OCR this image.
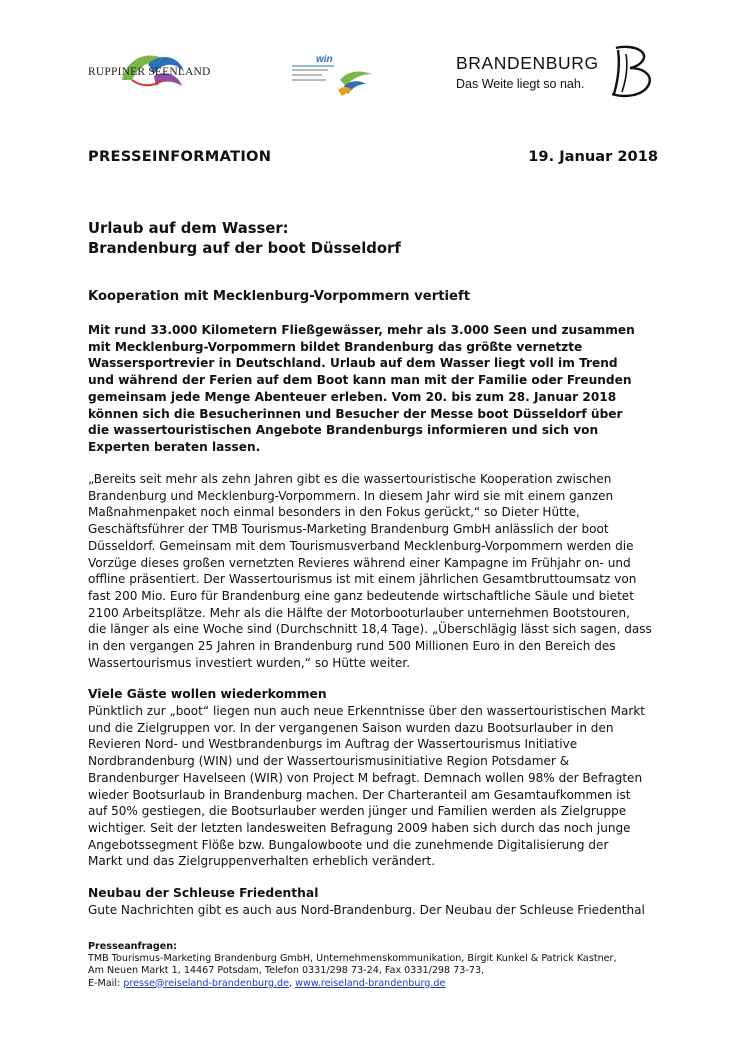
RUPPINER SEENLAND
win	BRANDENBURG
Das Weite liegt so nah.
PRESSEINFORMATION	19. Januar 2018
Urlaub auf dem Wasser:
Brandenburg auf der boot Düsseldorf
Kooperation mit Mecklenburg-Vorpommern vertieft
Mit rund 33.000 Kilometern Fließgewässer, mehr als 3.000 Seen und zusammen
mit Mecklenburg-Vorpommern bildet Brandenburg das größte vernetzte
Wassersportrevier in Deutschland. Urlaub auf dem Wasser liegt voll im Trend
und während der Ferien auf dem Boot kann man mit der Familie oder Freunden
gemeinsam jede Menge Abenteuer erleben. Vom 20. bis zum 28. Januar 2018
können sich die Besucherinnen und Besucher der Messe boot Düsseldorf über
die wassertouristischen Angebote Brandenburgs informieren und sich von
Experten beraten lassen.
„Bereits seit mehr als zehn Jahren gibt es die wassertouristische Kooperation zwischen
Brandenburg und Mecklenburg-Vorpommern. In diesem Jahr wird sie mit einem ganzen
Maßnahmenpaket noch einmal besonders in den Fokus gerückt,“ so Dieter Hütte,
Geschäftsführer der TMB Tourismus-Marketing Brandenburg GmbH anlässlich der boot
Düsseldorf. Gemeinsam mit dem Tourismusverband Mecklenburg-Vorpommern werden die
Vorzüge dieses großen vernetzten Revieres während einer Kampagne im Frühjahr on- und
offline präsentiert. Der Wassertourismus ist mit einem jährlichen Gesamtbruttoumsatz von
fast 200 Mio. Euro für Brandenburg eine ganz bedeutende wirtschaftliche Säule und bietet
2100 Arbeitsplätze. Mehr als die Hälfte der Motorbooturlauber unternehmen Bootstouren,
die länger als eine Woche sind (Durchschnitt 18,4 Tage). „Überschlägig lässt sich sagen, dass
in den vergangen 25 Jahren in Brandenburg rund 500 Millionen Euro in den Bereich des
Wassertourismus investiert wurden,“ so Hütte weiter.
Viele Gäste wollen wiederkommen
Pünktlich zur „boot“ liegen nun auch neue Erkenntnisse über den wassertouristischen Markt
und die Zielgruppen vor. In der vergangenen Saison wurden dazu Bootsurlauber in den
Revieren Nord- und Westbrandenburgs im Auftrag der Wassertourismus Initiative
Nordbrandenburg (WIN) und der Wassertourismusinitiative Region Potsdamer &
Brandenburger Havelseen (WIR) von Project M befragt. Demnach wollen 98% der Befragten
wieder Bootsurlaub in Brandenburg machen. Der Charteranteil am Gesamtaufkommen ist
auf 50% gestiegen, die Bootsurlauber werden jünger und Familien werden als Zielgruppe
wichtiger. Seit der letzten landesweiten Befragung 2009 haben sich durch das noch junge
Angebotssegment Flöße bzw. Bungalowboote und die zunehmende Digitalisierung der
Markt und das Zielgruppenverhalten erheblich verändert.
Neubau der Schleuse Friedenthal
Gute Nachrichten gibt es auch aus Nord-Brandenburg. Der Neubau der Schleuse Friedenthal
Presseanfragen:
TMB Tourismus-Marketing Brandenburg GmbH, Unternehmenskommunikation, Birgit Kunkel & Patrick Kastner,
Am Neuen Markt 1, 14467 Potsdam, Telefon 0331/298 73-24, Fax 0331/298 73-73,
E-Mail: presse@reiseland-brandenburg.de, www.reiseland-brandenburg.de
